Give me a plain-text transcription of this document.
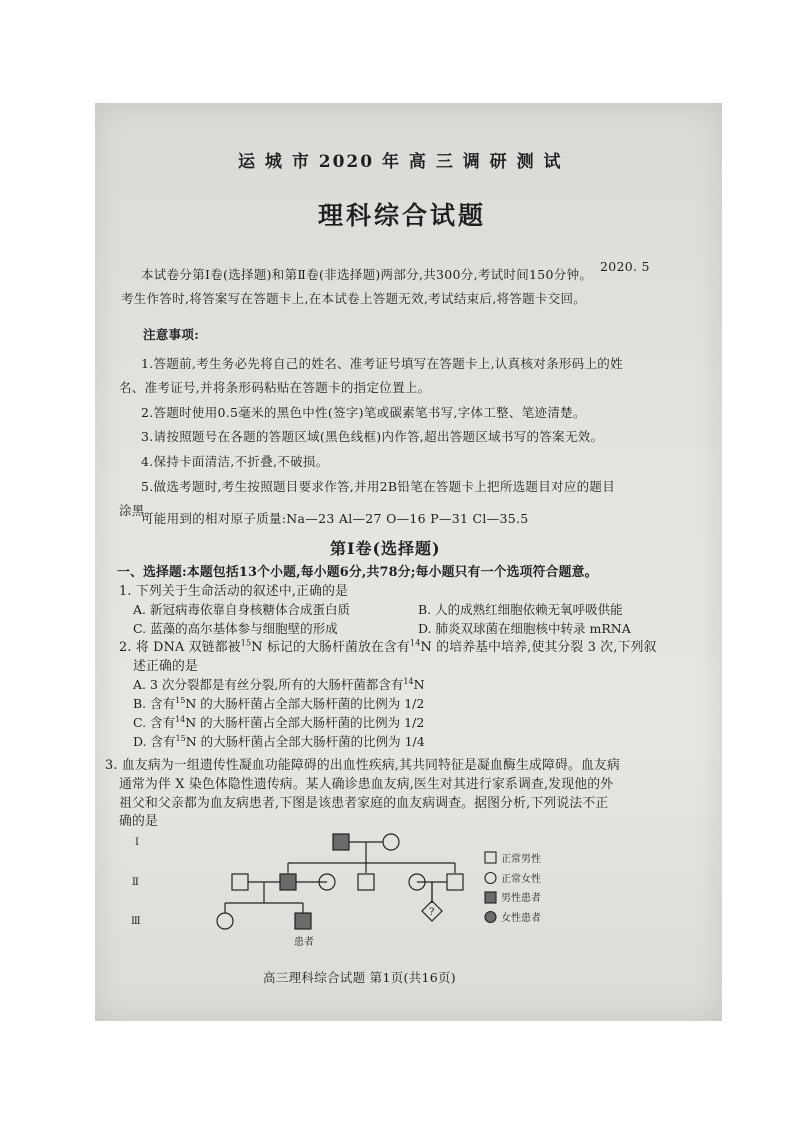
运 城 市 2020 年 高 三 调 研 测 试
理科综合试题
2020. 5
本试卷分第Ⅰ卷(选择题)和第Ⅱ卷(非选择题)两部分,共300分,考试时间150分钟。
考生作答时,将答案写在答题卡上,在本试卷上答题无效,考试结束后,将答题卡交回。
注意事项:
1.答题前,考生务必先将自己的姓名、准考证号填写在答题卡上,认真核对条形码上的姓
名、准考证号,并将条形码粘贴在答题卡的指定位置上。
2.答题时使用0.5毫米的黑色中性(签字)笔或碳素笔书写,字体工整、笔迹清楚。
3.请按照题号在各题的答题区域(黑色线框)内作答,超出答题区域书写的答案无效。
4.保持卡面清洁,不折叠,不破损。
5.做选考题时,考生按照题目要求作答,并用2B铅笔在答题卡上把所选题目对应的题目
涂黑。
可能用到的相对原子质量:Na—23 Al—27 O—16 P—31 Cl—35.5
第Ⅰ卷(选择题)
一、选择题:本题包括13个小题,每小题6分,共78分;每小题只有一个选项符合题意。
1. 下列关于生命活动的叙述中,正确的是
A. 新冠病毒依靠自身核糖体合成蛋白质	B. 人的成熟红细胞依赖无氧呼吸供能
C. 蓝藻的高尔基体参与细胞壁的形成	D. 肺炎双球菌在细胞核中转录 mRNA
2. 将 DNA 双链都被$^{15}$N 标记的大肠杆菌放在含有$^{14}$N 的培养基中培养,使其分裂 3 次,下列叙
述正确的是
A. 3 次分裂都是有丝分裂,所有的大肠杆菌都含有$^{14}$N
B. 含有$^{15}$N 的大肠杆菌占全部大肠杆菌的比例为 1/2
C. 含有$^{14}$N 的大肠杆菌占全部大肠杆菌的比例为 1/2
D. 含有$^{15}$N 的大肠杆菌占全部大肠杆菌的比例为 1/4
3. 血友病为一组遗传性凝血功能障碍的出血性疾病,其共同特征是凝血酶生成障碍。血友病
通常为伴 X 染色体隐性遗传病。某人确诊患血友病,医生对其进行家系调查,发现他的外
祖父和父亲都为血友病患者,下图是该患者家庭的血友病调查。据图分析,下列说法不正
确的是
?
患者
Ⅰ
Ⅱ
Ⅲ
正常男性
正常女性
男性患者
女性患者
高三理科综合试题 第1页(共16页)
